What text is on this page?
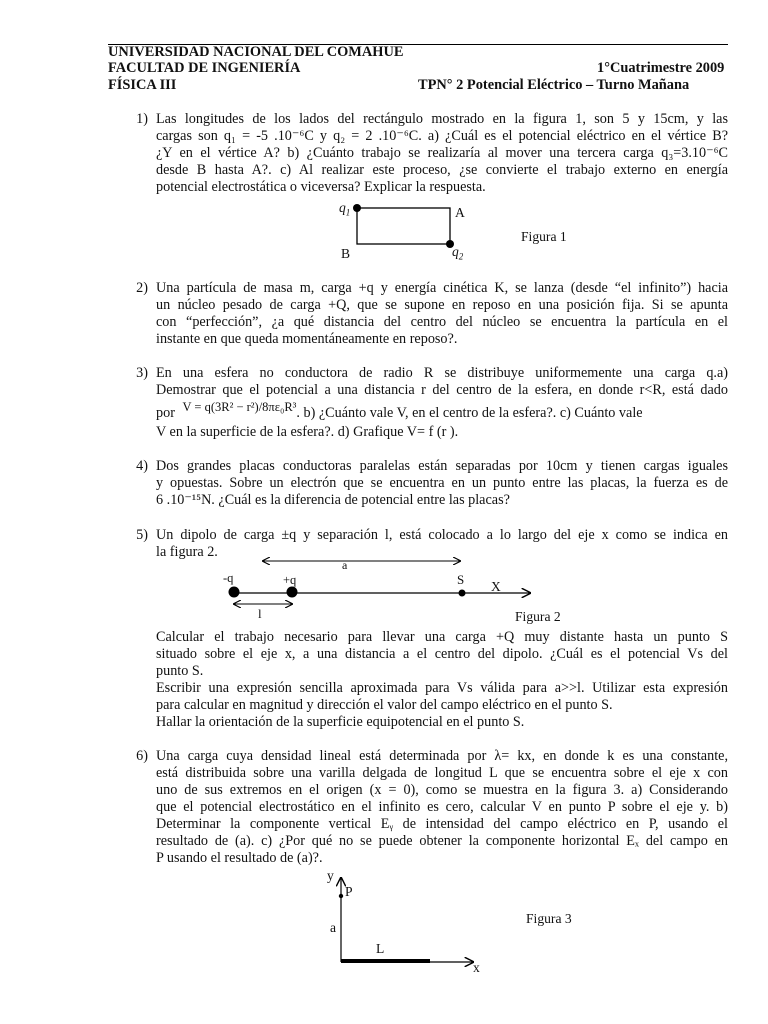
UNIVERSIDAD NACIONAL DEL COMAHUE
FACULTAD DE INGENIERÍA
FÍSICA III
1°Cuatrimestre 2009
TPN° 2 Potencial Eléctrico – Turno Mañana
1) Las longitudes de los lados del rectángulo mostrado en la figura 1, son 5 y 15cm, y las
cargas son q₁ = -5 .10⁻⁶C y q₂ = 2 .10⁻⁶C. a) ¿Cuál es el potencial eléctrico en el vértice B?
¿Y en el vértice A? b) ¿Cuánto trabajo se realizaría al mover una tercera carga q₃=3.10⁻⁶C
desde B hasta A?. c) Al realizar este proceso, ¿se convierte el trabajo externo en energía
potencial electrostática o viceversa? Explicar la respuesta.
$q_1$
$q_2$
A
B
Figura 1
2) Una partícula de masa m, carga +q y energía cinética K, se lanza (desde “el infinito”) hacia
un núcleo pesado de carga +Q, que se supone en reposo en una posición fija. Si se apunta
con “perfección”, ¿a qué distancia del centro del núcleo se encuentra la partícula en el
instante en que queda momentáneamente en reposo?.
3) En una esfera no conductora de radio R se distribuye uniformemente una carga q.a)
Demostrar que el potencial a una distancia r del centro de la esfera, en donde r<R, está dado
por V = q(3R² − r²)/8πε₀R³. b) ¿Cuánto vale V, en el centro de la esfera?. c) Cuánto vale
V en la superficie de la esfera?. d) Grafique V= f (r ).
4) Dos grandes placas conductoras paralelas están separadas por 10cm y tienen cargas iguales
y opuestas. Sobre un electrón que se encuentra en un punto entre las placas, la fuerza es de
6 .10⁻¹⁵N. ¿Cuál es la diferencia de potencial entre las placas?
5) Un dipolo de carga ±q y separación l, está colocado a lo largo del eje x como se indica en
la figura 2.
a
-q	+q	S X
l	Figura 2
Calcular el trabajo necesario para llevar una carga +Q muy distante hasta un punto S
situado sobre el eje x, a una distancia a el centro del dipolo. ¿Cuál es el potencial Vs del
punto S.
Escribir una expresión sencilla aproximada para Vs válida para a>>l. Utilizar esta expresión
para calcular en magnitud y dirección el valor del campo eléctrico en el punto S.
Hallar la orientación de la superficie equipotencial en el punto S.
6) Una carga cuya densidad lineal está determinada por λ= kx, en donde k es una constante,
está distribuida sobre una varilla delgada de longitud L que se encuentra sobre el eje x con
uno de sus extremos en el origen (x = 0), como se muestra en la figura 3. a) Considerando
que el potencial electrostático en el infinito es cero, calcular V en punto P sobre el eje y. b)
Determinar la componente vertical Eᵧ de intensidad del campo eléctrico en P, usando el
resultado de (a). c) ¿Por qué no se puede obtener la componente horizontal Eₓ del campo en
P usando el resultado de (a)?.
y
P
a
L
x
Figura 3
